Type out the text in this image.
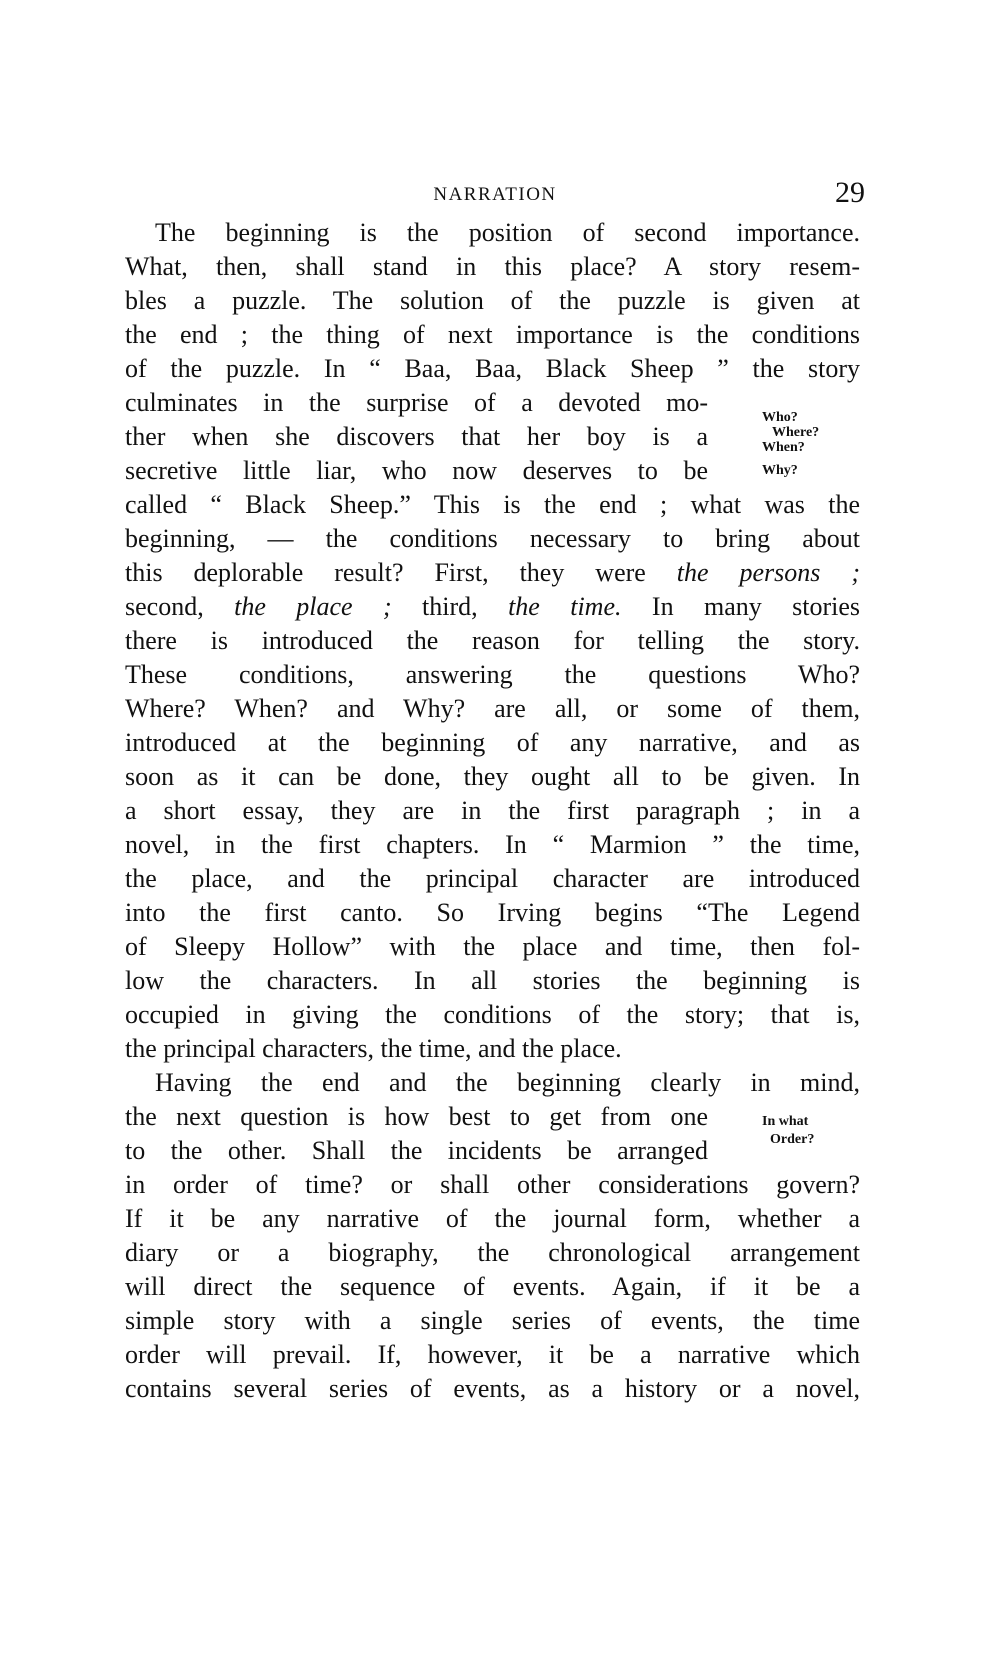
NARRATION	29
The beginning is the position of second importance.
What, then, shall stand in this place? A story resem-
bles a puzzle. The solution of the puzzle is given at
the end ; the thing of next importance is the conditions
of the puzzle. In “ Baa, Baa, Black Sheep ” the story
culminates in the surprise of a devoted mo-
ther when she discovers that her boy is a
secretive little liar, who now deserves to be
called “ Black Sheep.” This is the end ; what was the
beginning, — the conditions necessary to bring about
this deplorable result? First, they were the persons ;
second, the place ; third, the time. In many stories
there is introduced the reason for telling the story.
These conditions, answering the questions Who?
Where? When? and Why? are all, or some of them,
introduced at the beginning of any narrative, and as
soon as it can be done, they ought all to be given. In
a short essay, they are in the first paragraph ; in a
novel, in the first chapters. In “ Marmion ” the time,
the place, and the principal character are introduced
into the first canto. So Irving begins “The Legend
of Sleepy Hollow” with the place and time, then fol-
low the characters. In all stories the beginning is
occupied in giving the conditions of the story; that is,
the principal characters, the time, and the place.
Having the end and the beginning clearly in mind,
the next question is how best to get from one
to the other. Shall the incidents be arranged
in order of time? or shall other considerations govern?
If it be any narrative of the journal form, whether a
diary or a biography, the chronological arrangement
will direct the sequence of events. Again, if it be a
simple story with a single series of events, the time
order will prevail. If, however, it be a narrative which
contains several series of events, as a history or a novel,
Who?
Where?
When?
Why?
In what
Order?
